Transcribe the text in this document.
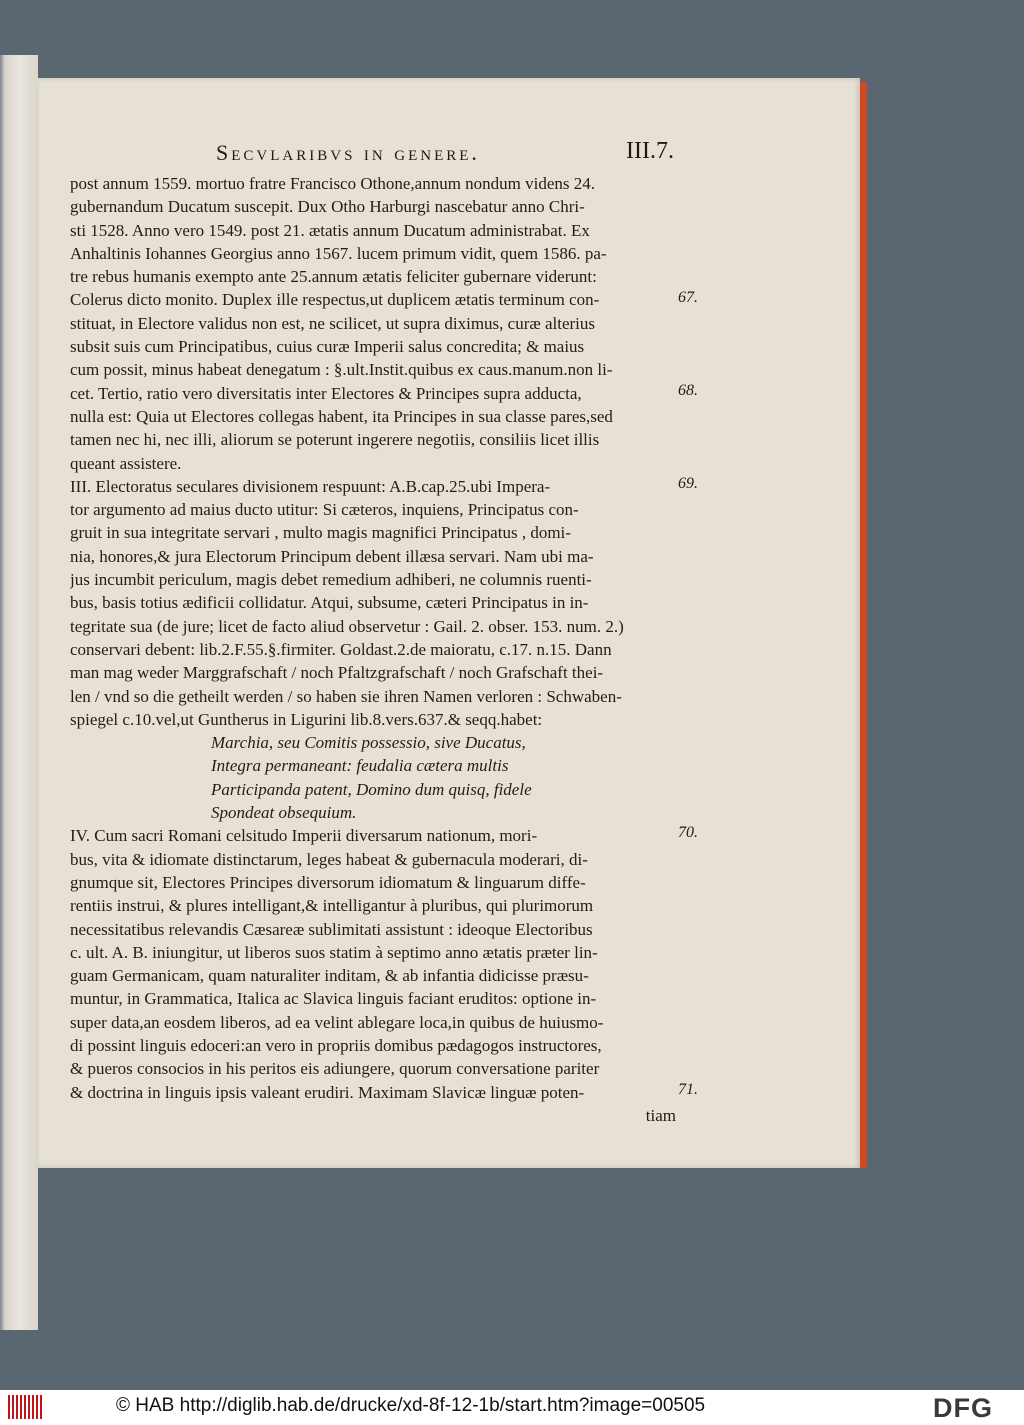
Secvlaribvs in genere.	III.7.
post annum 1559. mortuo fratre Francisco Othone,annum nondum videns 24.
gubernandum Ducatum suscepit. Dux Otho Harburgi nascebatur anno Chri-
sti 1528. Anno vero 1549. post 21. ætatis annum Ducatum administrabat. Ex
Anhaltinis Iohannes Georgius anno 1567. lucem primum vidit, quem 1586. pa-
tre rebus humanis exempto ante 25.annum ætatis feliciter gubernare viderunt:
Colerus dicto monito. Duplex ille respectus,ut duplicem ætatis terminum con-
stituat, in Electore validus non est, ne scilicet, ut supra diximus, curæ alterius
subsit suis cum Principatibus, cuius curæ Imperii salus concredita; & maius
cum possit, minus habeat denegatum : §.ult.Instit.quibus ex caus.manum.non li-
cet. Tertio, ratio vero diversitatis inter Electores & Principes supra adducta,
nulla est: Quia ut Electores collegas habent, ita Principes in sua classe pares,sed
tamen nec hi, nec illi, aliorum se poterunt ingerere negotiis, consiliis licet illis
queant assistere.
III. Electoratus seculares divisionem respuunt: A.B.cap.25.ubi Impera-
tor argumento ad maius ducto utitur: Si cæteros, inquiens, Principatus con-
gruit in sua integritate servari , multo magis magnifici Principatus , domi-
nia, honores,& jura Electorum Principum debent illæsa servari. Nam ubi ma-
jus incumbit periculum, magis debet remedium adhiberi, ne columnis ruenti-
bus, basis totius ædificii collidatur. Atqui, subsume, cæteri Principatus in in-
tegritate sua (de jure; licet de facto aliud observetur : Gail. 2. obser. 153. num. 2.)
conservari debent: lib.2.F.55.§.firmiter. Goldast.2.de maioratu, c.17. n.15. Dann
man mag weder Marggrafschaft / noch Pfaltzgrafschaft / noch Grafschaft thei-
len / vnd so die getheilt werden / so haben sie ihren Namen verloren : Schwaben-
spiegel c.10.vel,ut Guntherus in Ligurini lib.8.vers.637.& seqq.habet:
Marchia, seu Comitis possessio, sive Ducatus,
Integra permaneant: feudalia cætera multis
Participanda patent, Domino dum quisq, fidele
Spondeat obsequium.
IV. Cum sacri Romani celsitudo Imperii diversarum nationum, mori-
bus, vita & idiomate distinctarum, leges habeat & gubernacula moderari, di-
gnumque sit, Electores Principes diversorum idiomatum & linguarum diffe-
rentiis instrui, & plures intelligant,& intelligantur à pluribus, qui plurimorum
necessitatibus relevandis Cæsareæ sublimitati assistunt : ideoque Electoribus
c. ult. A. B. iniungitur, ut liberos suos statim à septimo anno ætatis præter lin-
guam Germanicam, quam naturaliter inditam, & ab infantia didicisse præsu-
muntur, in Grammatica, Italica ac Slavica linguis faciant eruditos: optione in-
super data,an eosdem liberos, ad ea velint ablegare loca,in quibus de huiusmo-
di possint linguis edoceri:an vero in propriis domibus pædagogos instructores,
& pueros consocios in his peritos eis adiungere, quorum conversatione pariter
& doctrina in linguis ipsis valeant erudiri. Maximam Slavicæ linguæ poten-
tiam
67.
68.
69.
70.
71.
© HAB http://diglib.hab.de/drucke/xd-8f-12-1b/start.htm?image=00505	DFG
